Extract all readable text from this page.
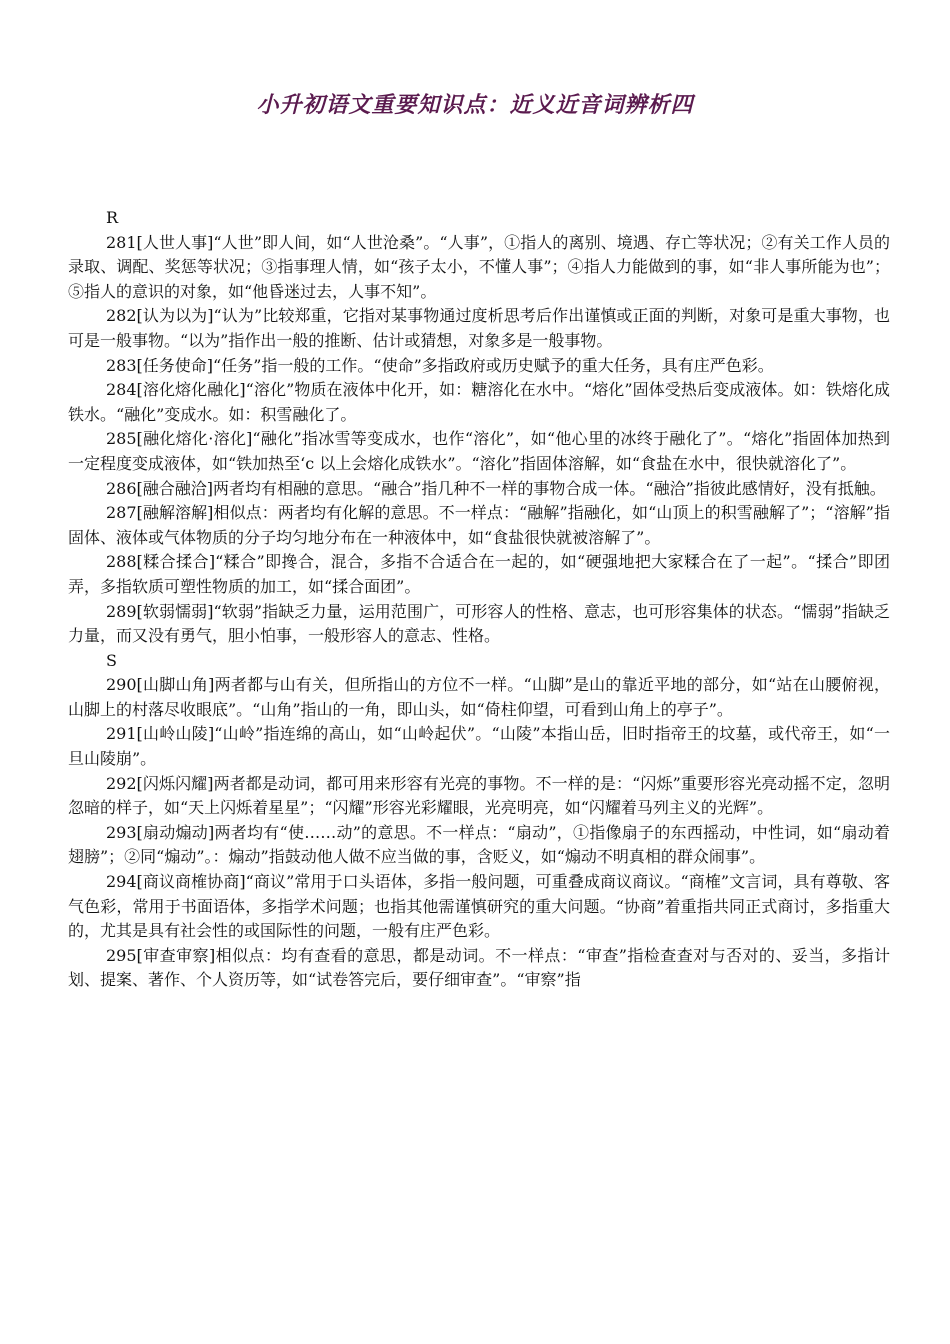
小升初语文重要知识点：近义近音词辨析四

R

281[人世人事]“人世”即人间，如“人世沧桑”。“人事”，①指人的离别、境遇、存亡等状况；②有关工作人员的录取、调配、奖惩等状况；③指事理人情，如“孩子太小，不懂人事”；④指人力能做到的事，如“非人事所能为也”；⑤指人的意识的对象，如“他昏迷过去，人事不知”。

282[认为以为]“认为”比较郑重，它指对某事物通过度析思考后作出谨慎或正面的判断，对象可是重大事物，也可是一般事物。“以为”指作出一般的推断、估计或猜想，对象多是一般事物。

283[任务使命]“任务”指一般的工作。“使命”多指政府或历史赋予的重大任务，具有庄严色彩。

284[溶化熔化融化]“溶化”物质在液体中化开，如：糖溶化在水中。“熔化”固体受热后变成液体。如：铁熔化成铁水。“融化”变成水。如：积雪融化了。

285[融化熔化·溶化]“融化”指冰雪等变成水，也作“溶化”，如“他心里的冰终于融化了”。“熔化”指固体加热到一定程度变成液体，如“铁加热至‘c 以上会熔化成铁水”。“溶化”指固体溶解，如“食盐在水中，很快就溶化了”。

286[融合融洽]两者均有相融的意思。“融合”指几种不一样的事物合成一体。“融洽”指彼此感情好，没有抵触。

287[融解溶解]相似点：两者均有化解的意思。不一样点：“融解”指融化，如“山顶上的积雪融解了”；“溶解”指固体、液体或气体物质的分子均匀地分布在一种液体中，如“食盐很快就被溶解了”。

288[糅合揉合]“糅合”即搀合，混合，多指不合适合在一起的，如“硬强地把大家糅合在了一起”。“揉合”即团弄，多指软质可塑性物质的加工，如“揉合面团”。

289[软弱懦弱]“软弱”指缺乏力量，运用范围广，可形容人的性格、意志，也可形容集体的状态。“懦弱”指缺乏力量，而又没有勇气，胆小怕事，一般形容人的意志、性格。

S

290[山脚山角]两者都与山有关，但所指山的方位不一样。“山脚”是山的靠近平地的部分，如“站在山腰俯视，山脚上的村落尽收眼底”。“山角”指山的一角，即山头，如“倚柱仰望，可看到山角上的亭子”。

291[山岭山陵]“山岭”指连绵的高山，如“山岭起伏”。“山陵”本指山岳，旧时指帝王的坟墓，或代帝王，如“一旦山陵崩”。

292[闪烁闪耀]两者都是动词，都可用来形容有光亮的事物。不一样的是：“闪烁”重要形容光亮动摇不定，忽明忽暗的样子，如“天上闪烁着星星”；“闪耀”形容光彩耀眼，光亮明亮，如“闪耀着马列主义的光辉”。

293[扇动煽动]两者均有“使……动”的意思。不一样点：“扇动”，①指像扇子的东西摇动，中性词，如“扇动着翅膀”；②同“煽动”。：煽动”指鼓动他人做不应当做的事，含贬义，如“煽动不明真相的群众闹事”。

294[商议商榷协商]“商议”常用于口头语体，多指一般问题，可重叠成商议商议。“商榷”文言词，具有尊敬、客气色彩，常用于书面语体，多指学术问题；也指其他需谨慎研究的重大问题。“协商”着重指共同正式商讨，多指重大的，尤其是具有社会性的或国际性的问题，一般有庄严色彩。

295[审查审察]相似点：均有查看的意思，都是动词。不一样点：“审查”指检查查对与否对的、妥当，多指计划、提案、著作、个人资历等，如“试卷答完后，要仔细审查”。“审察”指
